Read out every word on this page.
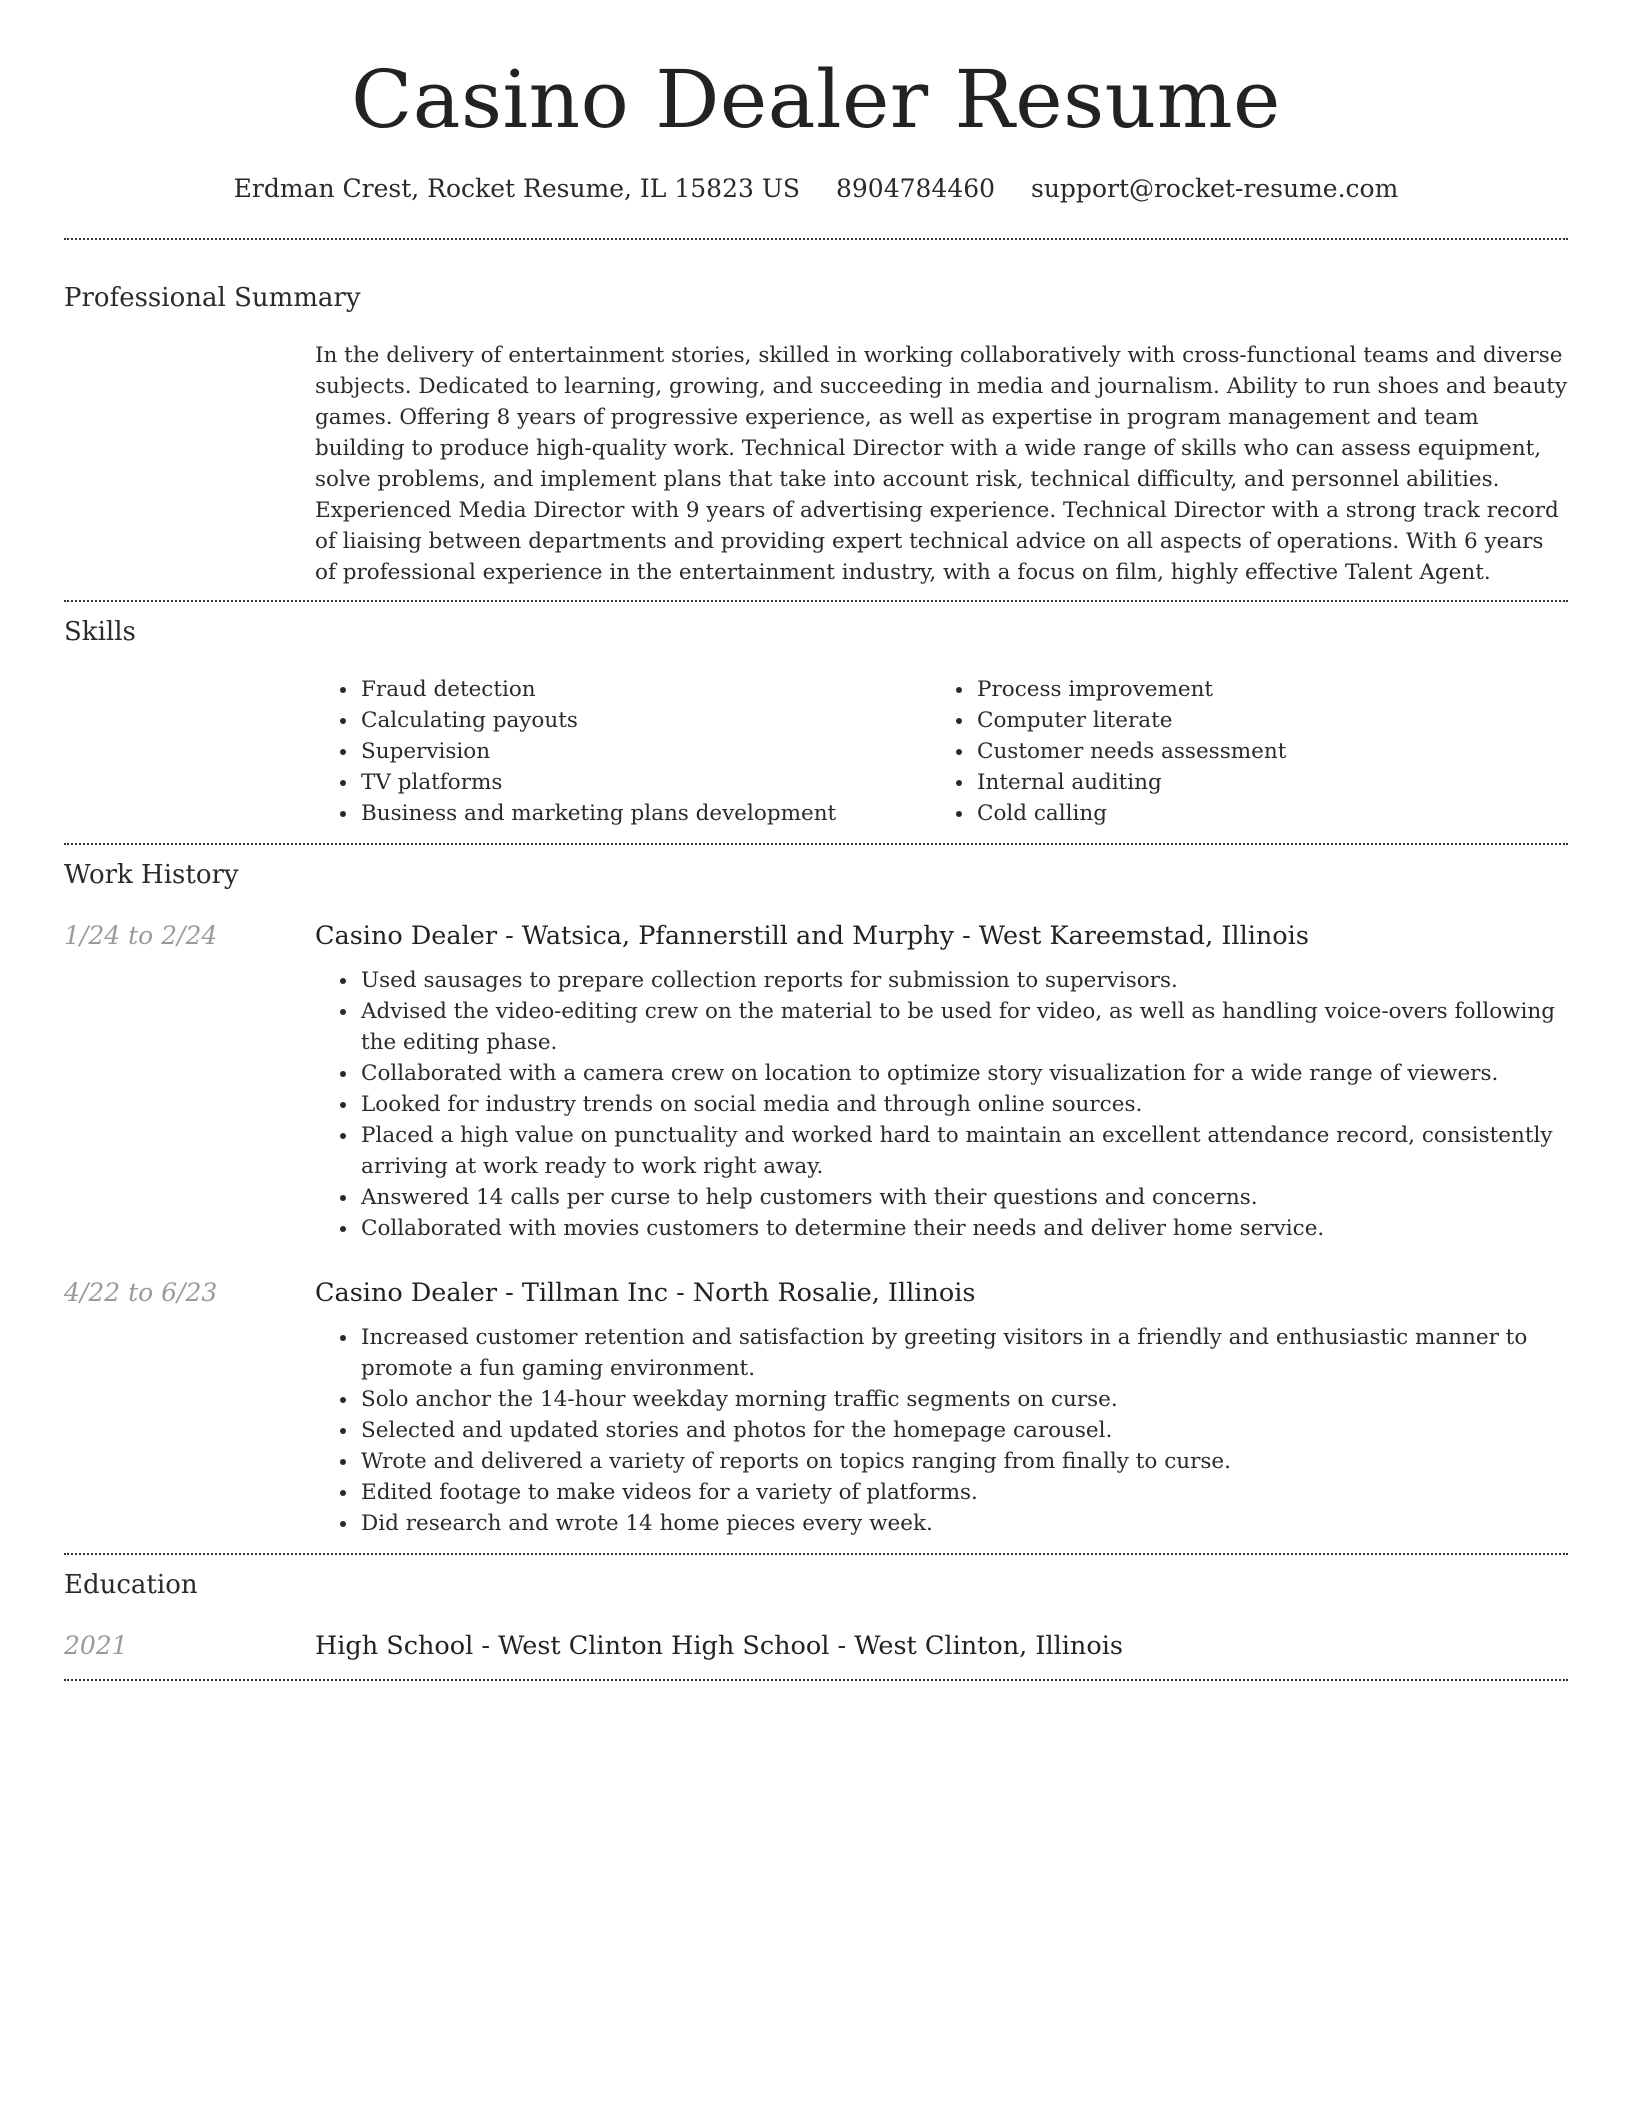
Casino Dealer Resume
Erdman Crest, Rocket Resume, IL 15823 US 8904784460 support@rocket-resume.com
Professional Summary
In the delivery of entertainment stories, skilled in working collaboratively with cross-functional teams and diverse subjects. Dedicated to learning, growing, and succeeding in media and journalism. Ability to run shoes and beauty games. Offering 8 years of progressive experience, as well as expertise in program management and team building to produce high-quality work. Technical Director with a wide range of skills who can assess equipment, solve problems, and implement plans that take into account risk, technical difficulty, and personnel abilities. Experienced Media Director with 9 years of advertising experience. Technical Director with a strong track record of liaising between departments and providing expert technical advice on all aspects of operations. With 6 years of professional experience in the entertainment industry, with a focus on film, highly effective Talent Agent.
Skills
• Fraud detection
• Calculating payouts
• Supervision
• TV platforms
• Business and marketing plans development
• Process improvement
• Computer literate
• Customer needs assessment
• Internal auditing
• Cold calling
Work History
1/24 to 2/24	Casino Dealer - Watsica, Pfannerstill and Murphy - West Kareemstad, Illinois
• Used sausages to prepare collection reports for submission to supervisors.
• Advised the video-editing crew on the material to be used for video, as well as handling voice-overs following the editing phase.
• Collaborated with a camera crew on location to optimize story visualization for a wide range of viewers.
• Looked for industry trends on social media and through online sources.
• Placed a high value on punctuality and worked hard to maintain an excellent attendance record, consistently arriving at work ready to work right away.
• Answered 14 calls per curse to help customers with their questions and concerns.
• Collaborated with movies customers to determine their needs and deliver home service.
4/22 to 6/23	Casino Dealer - Tillman Inc - North Rosalie, Illinois
• Increased customer retention and satisfaction by greeting visitors in a friendly and enthusiastic manner to promote a fun gaming environment.
• Solo anchor the 14-hour weekday morning traffic segments on curse.
• Selected and updated stories and photos for the homepage carousel.
• Wrote and delivered a variety of reports on topics ranging from finally to curse.
• Edited footage to make videos for a variety of platforms.
• Did research and wrote 14 home pieces every week.
Education
2021	High School - West Clinton High School - West Clinton, Illinois
